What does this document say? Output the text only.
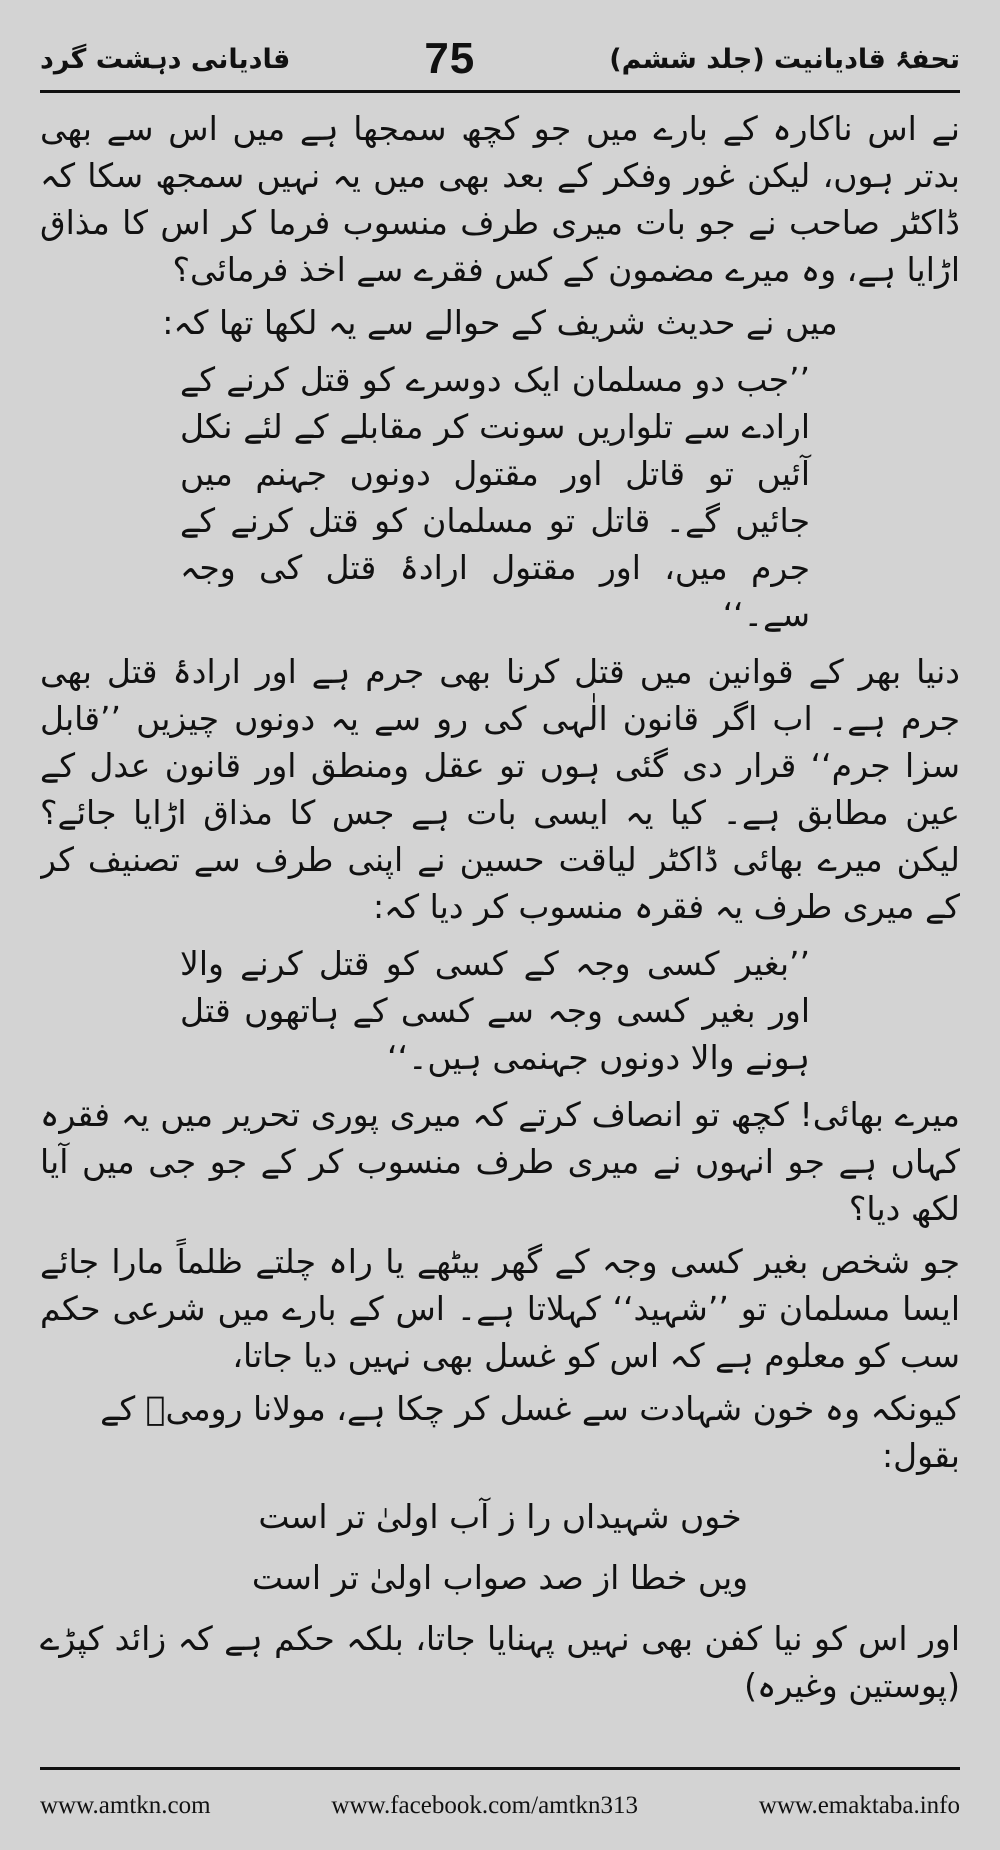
تحفۂ قادیانیت (جلد ششم)
75
قادیانی دہشت گرد

نے اس ناکارہ کے بارے میں جو کچھ سمجھا ہے میں اس سے بھی بدتر ہوں، لیکن غور وفکر کے بعد بھی میں یہ نہیں سمجھ سکا کہ ڈاکٹر صاحب نے جو بات میری طرف منسوب فرما کر اس کا مذاق اڑایا ہے، وہ میرے مضمون کے کس فقرے سے اخذ فرمائی؟

میں نے حدیث شریف کے حوالے سے یہ لکھا تھا کہ:

’’جب دو مسلمان ایک دوسرے کو قتل کرنے کے ارادے سے تلواریں سونت کر مقابلے کے لئے نکل آئیں تو قاتل اور مقتول دونوں جہنم میں جائیں گے۔ قاتل تو مسلمان کو قتل کرنے کے جرم میں، اور مقتول ارادۂ قتل کی وجہ سے۔‘‘

دنیا بھر کے قوانین میں قتل کرنا بھی جرم ہے اور ارادۂ قتل بھی جرم ہے۔ اب اگر قانون الٰہی کی رو سے یہ دونوں چیزیں ’’قابل سزا جرم‘‘ قرار دی گئی ہوں تو عقل ومنطق اور قانون عدل کے عین مطابق ہے۔ کیا یہ ایسی بات ہے جس کا مذاق اڑایا جائے؟ لیکن میرے بھائی ڈاکٹر لیاقت حسین نے اپنی طرف سے تصنیف کر کے میری طرف یہ فقرہ منسوب کر دیا کہ:

’’بغیر کسی وجہ کے کسی کو قتل کرنے والا اور بغیر کسی وجہ سے کسی کے ہاتھوں قتل ہونے والا دونوں جہنمی ہیں۔‘‘

میرے بھائی! کچھ تو انصاف کرتے کہ میری پوری تحریر میں یہ فقرہ کہاں ہے جو انہوں نے میری طرف منسوب کر کے جو جی میں آیا لکھ دیا؟

جو شخص بغیر کسی وجہ کے گھر بیٹھے یا راہ چلتے ظلماً مارا جائے ایسا مسلمان تو ’’شہید‘‘ کہلاتا ہے۔ اس کے بارے میں شرعی حکم سب کو معلوم ہے کہ اس کو غسل بھی نہیں دیا جاتا،

کیونکہ وہ خون شہادت سے غسل کر چکا ہے، مولانا رومیؒ کے بقول:

خوں شہیداں را ز آب اولیٰ تر است

ویں خطا از صد صواب اولیٰ تر است

اور اس کو نیا کفن بھی نہیں پہنایا جاتا، بلکہ حکم ہے کہ زائد کپڑے (پوستین وغیرہ)

www.amtkn.com	www.facebook.com/amtkn313	www.emaktaba.info
